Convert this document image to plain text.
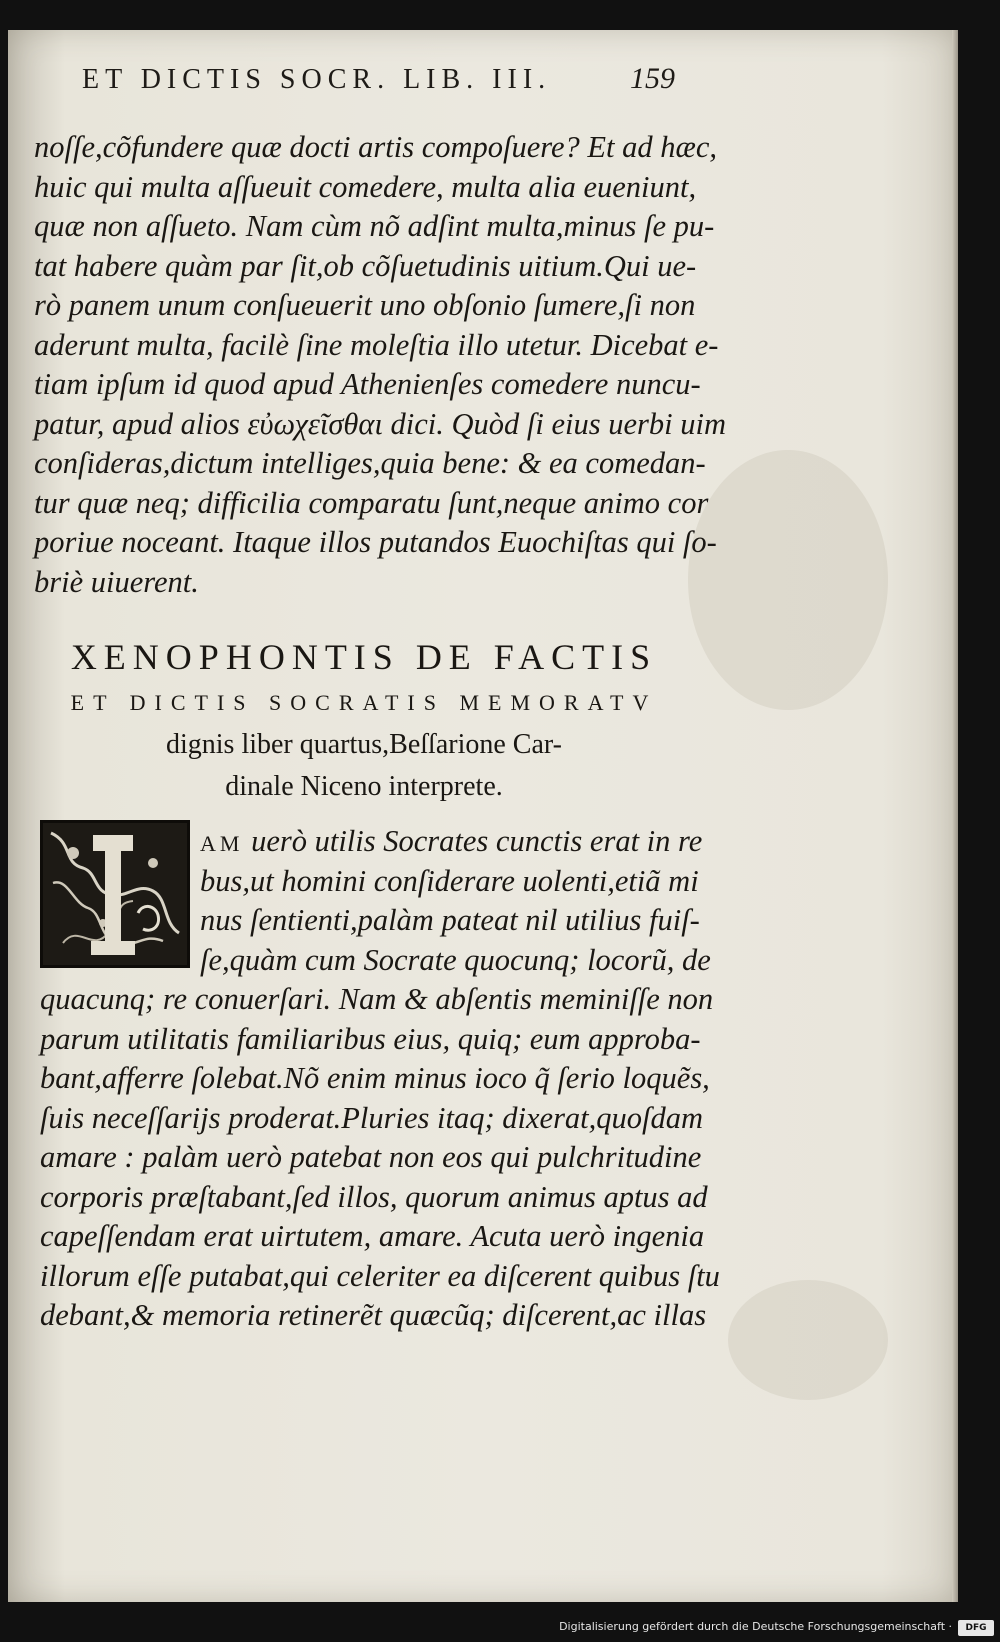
ET DICTIS SOCR. LIB. III.	159
noſſe,cõfundere quæ docti artis compoſuere? Et ad hæc,
huic qui multa aſſueuit comedere, multa alia eueniunt,
quæ non aſſueto. Nam cùm nõ adſint multa,minus ſe pu-
tat habere quàm par ſit,ob cõſuetudinis uitium.Qui ue-
rò panem unum conſueuerit uno obſonio ſumere,ſi non
aderunt multa, facilè ſine moleſtia illo utetur. Dicebat e-
tiam ipſum id quod apud Athenienſes comedere nuncu-
patur, apud alios εὐωχεῖσθαι dici. Quòd ſi eius uerbi uim
conſideras,dictum intelliges,quia bene: & ea comedan-
tur quæ neq; difficilia comparatu ſunt,neque animo cor
poriue noceant. Itaque illos putandos Euochiſtas qui ſo-
briè uiuerent.
XENOPHONTIS DE FACTIS
ET DICTIS SOCRATIS MEMORATV
dignis liber quartus,Beſſarione Car-
dinale Niceno interprete.
AM uerò utilis Socrates cunctis erat in re
bus,ut homini conſiderare uolenti,etiã mi
nus ſentienti,palàm pateat nil utilius fuiſ-
ſe,quàm cum Socrate quocunq; locorũ, de
quacunq; re conuerſari. Nam & abſentis meminiſſe non
parum utilitatis familiaribus eius, quiq; eum approba-
bant,afferre ſolebat.Nõ enim minus ioco q̃ ſerio loquẽs,
ſuis neceſſarijs proderat.Pluries itaq; dixerat,quoſdam
amare : palàm uerò patebat non eos qui pulchritudine
corporis præſtabant,ſed illos, quorum animus aptus ad
capeſſendam erat uirtutem, amare. Acuta uerò ingenia
illorum eſſe putabat,qui celeriter ea diſcerent quibus ſtu
debant,& memoria retinerẽt quæcũq; diſcerent,ac illas
Digitalisierung gefördert durch die Deutsche Forschungsgemeinschaft ·	DFG
